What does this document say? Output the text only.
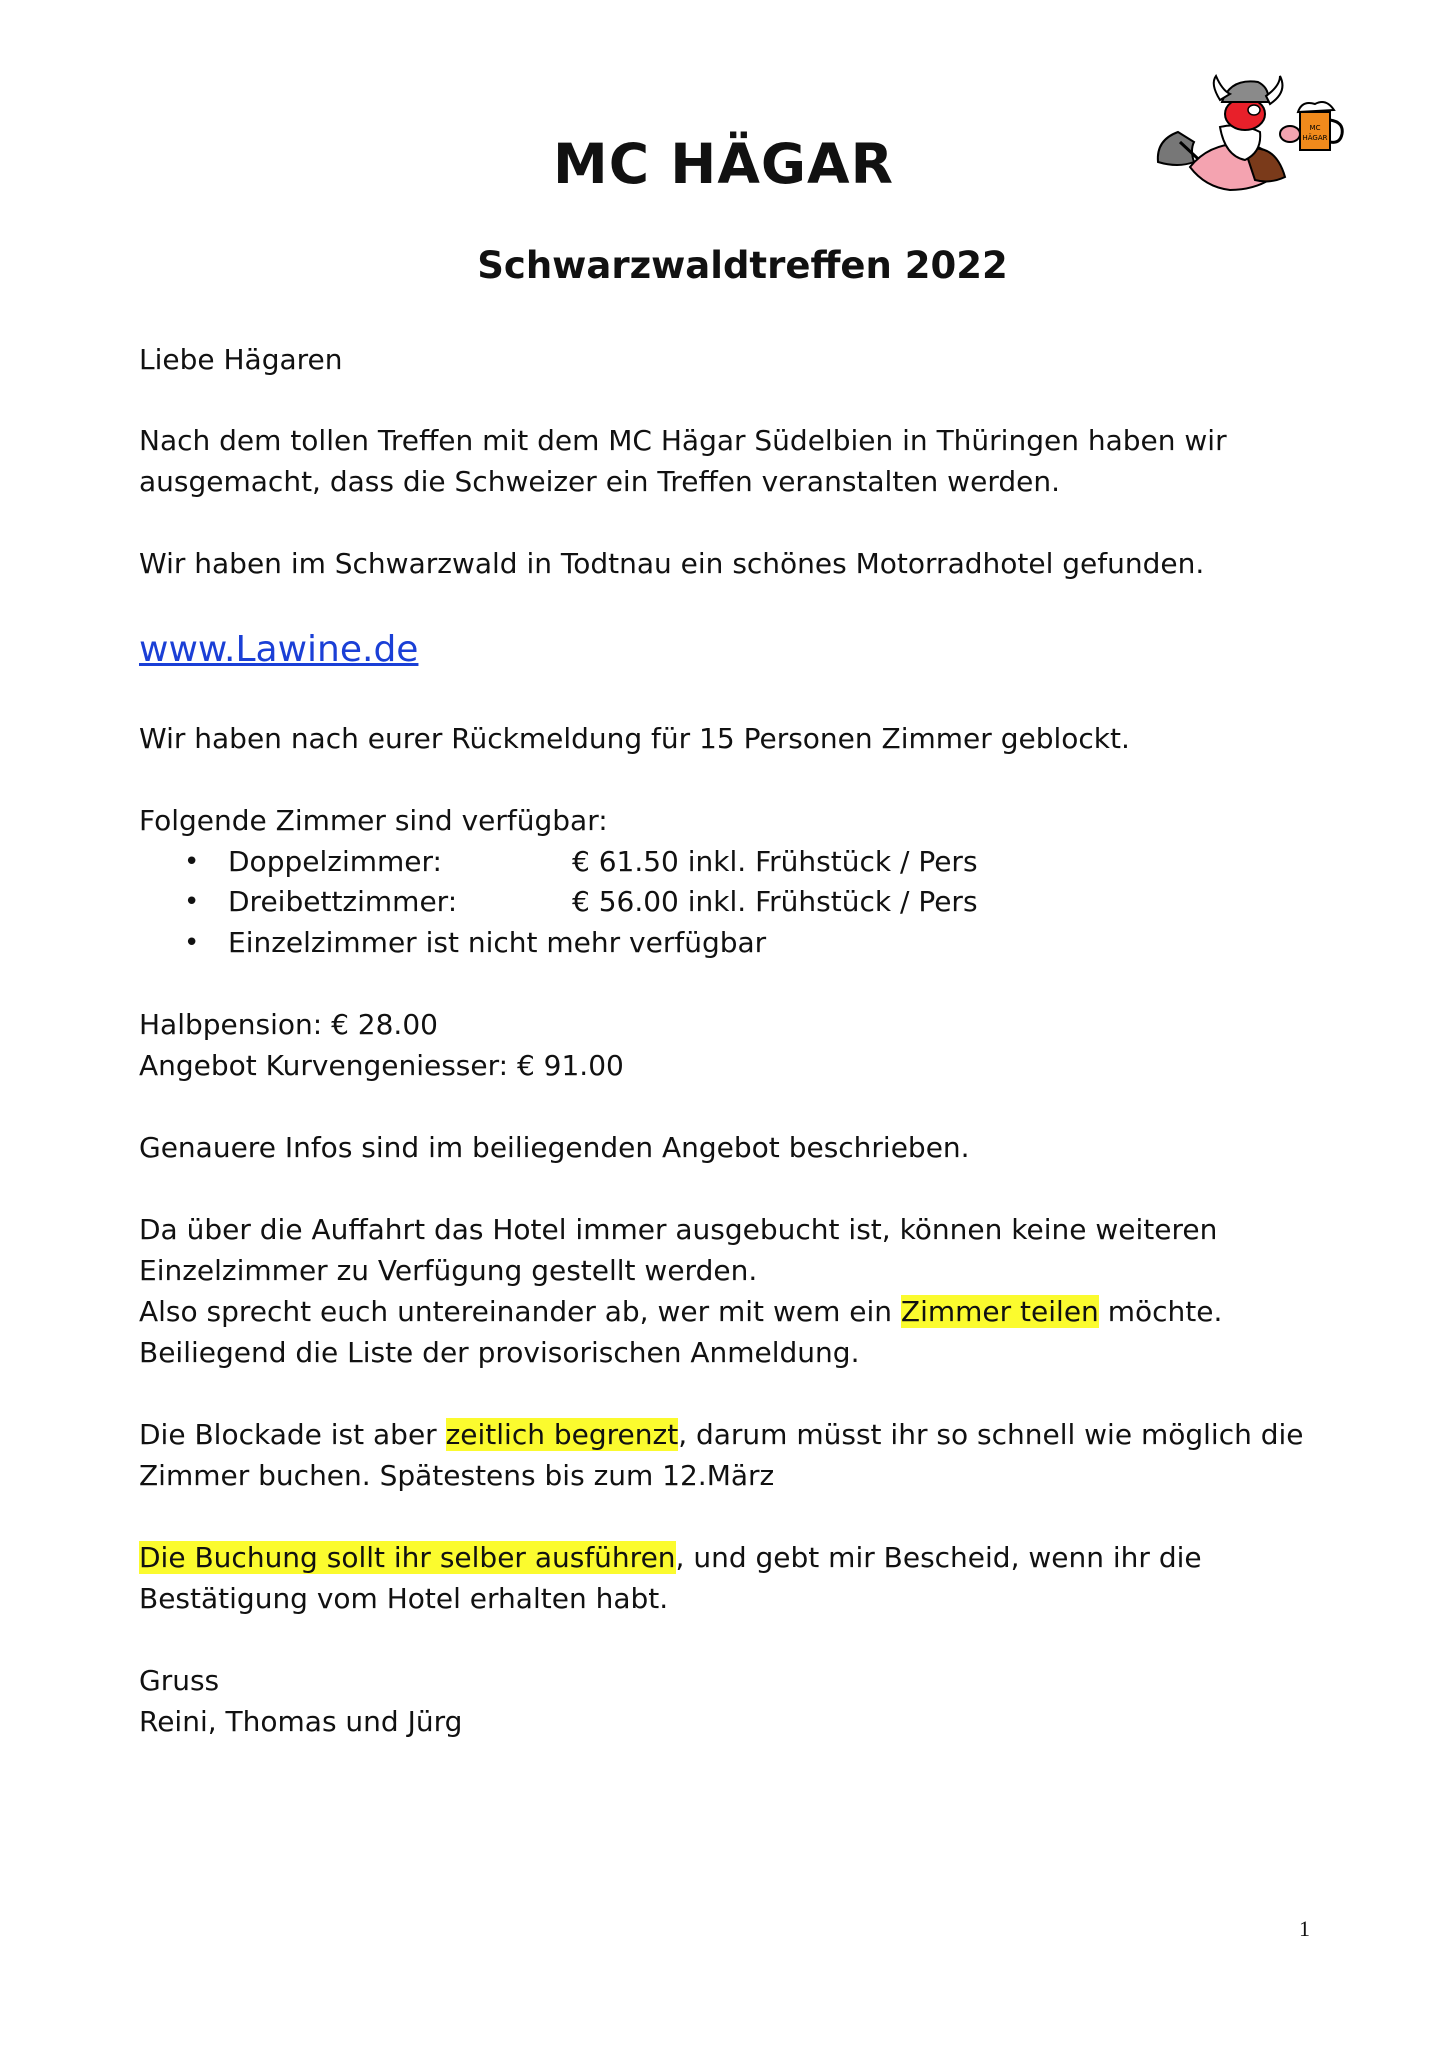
MC HÄGAR
Schwarzwaldtreffen 2022
MC
HÄGAR
Liebe Hägaren
Nach dem tollen Treffen mit dem MC Hägar Südelbien in Thüringen haben wir
ausgemacht, dass die Schweizer ein Treffen veranstalten werden.
Wir haben im Schwarzwald in Todtnau ein schönes Motorradhotel gefunden.
www.Lawine.de
Wir haben nach eurer Rückmeldung für 15 Personen Zimmer geblockt.
Folgende Zimmer sind verfügbar:
• Doppelzimmer:	€ 61.50 inkl. Frühstück / Pers
• Dreibettzimmer:	€ 56.00 inkl. Frühstück / Pers
• Einzelzimmer ist nicht mehr verfügbar
Halbpension: € 28.00
Angebot Kurvengeniesser: € 91.00
Genauere Infos sind im beiliegenden Angebot beschrieben.
Da über die Auffahrt das Hotel immer ausgebucht ist, können keine weiteren
Einzelzimmer zu Verfügung gestellt werden.
Also sprecht euch untereinander ab, wer mit wem ein Zimmer teilen möchte.
Beiliegend die Liste der provisorischen Anmeldung.
Die Blockade ist aber zeitlich begrenzt, darum müsst ihr so schnell wie möglich die
Zimmer buchen. Spätestens bis zum 12.März
Die Buchung sollt ihr selber ausführen, und gebt mir Bescheid, wenn ihr die
Bestätigung vom Hotel erhalten habt.
Gruss
Reini, Thomas und Jürg
1
